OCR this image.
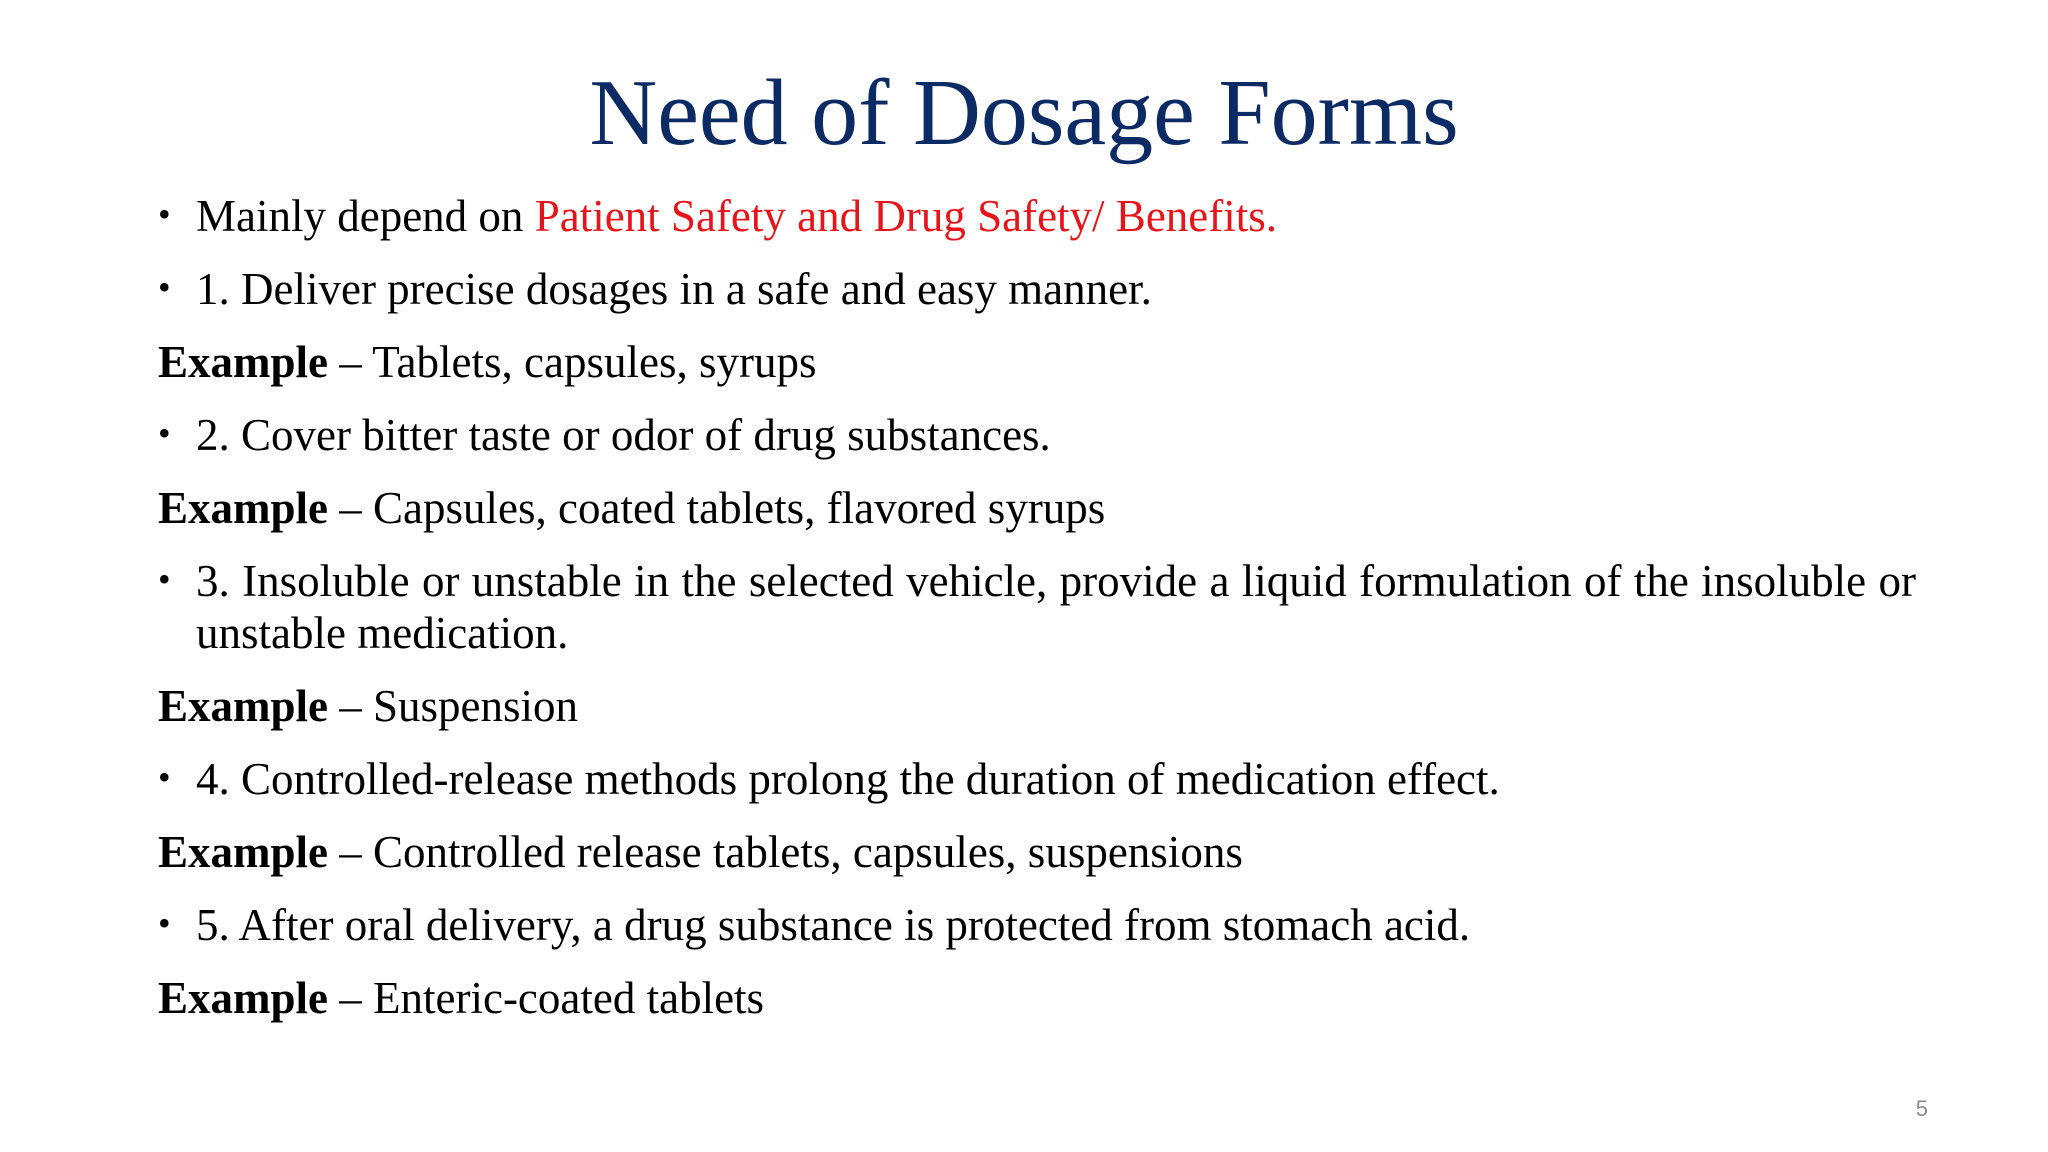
Need of Dosage Forms
• Mainly depend on Patient Safety and Drug Safety/ Benefits.
• 1. Deliver precise dosages in a safe and easy manner.
Example – Tablets, capsules, syrups
• 2. Cover bitter taste or odor of drug substances.
Example – Capsules, coated tablets, flavored syrups
• 3. Insoluble or unstable in the selected vehicle, provide a liquid formulation of the insoluble or unstable medication.
Example – Suspension
• 4. Controlled-release methods prolong the duration of medication effect.
Example – Controlled release tablets, capsules, suspensions
• 5. After oral delivery, a drug substance is protected from stomach acid.
Example – Enteric-coated tablets
5
